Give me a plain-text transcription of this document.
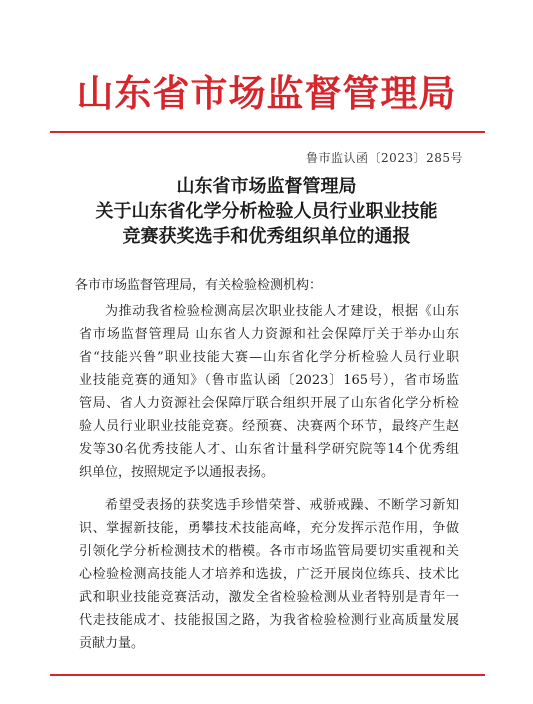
山东省市场监督管理局
鲁市监认函〔2023〕285号
山东省市场监督管理局
关于山东省化学分析检验人员行业职业技能
竞赛获奖选手和优秀组织单位的通报
各市市场监督管理局，有关检验检测机构：
为推动我省检验检测高层次职业技能人才建设，根据《山东
省市场监督管理局 山东省人力资源和社会保障厅关于举办山东
省“技能兴鲁”职业技能大赛—山东省化学分析检验人员行业职
业技能竞赛的通知》（鲁市监认函〔2023〕165号），省市场监
管局、省人力资源社会保障厅联合组织开展了山东省化学分析检
验人员行业职业技能竞赛。经预赛、决赛两个环节，最终产生赵
发等30名优秀技能人才、山东省计量科学研究院等14个优秀组
织单位，按照规定予以通报表扬。
希望受表扬的获奖选手珍惜荣誉、戒骄戒躁、不断学习新知
识、掌握新技能，勇攀技术技能高峰，充分发挥示范作用，争做
引领化学分析检测技术的楷模。各市市场监管局要切实重视和关
心检验检测高技能人才培养和选拔，广泛开展岗位练兵、技术比
武和职业技能竞赛活动，激发全省检验检测从业者特别是青年一
代走技能成才、技能报国之路，为我省检验检测行业高质量发展
贡献力量。
